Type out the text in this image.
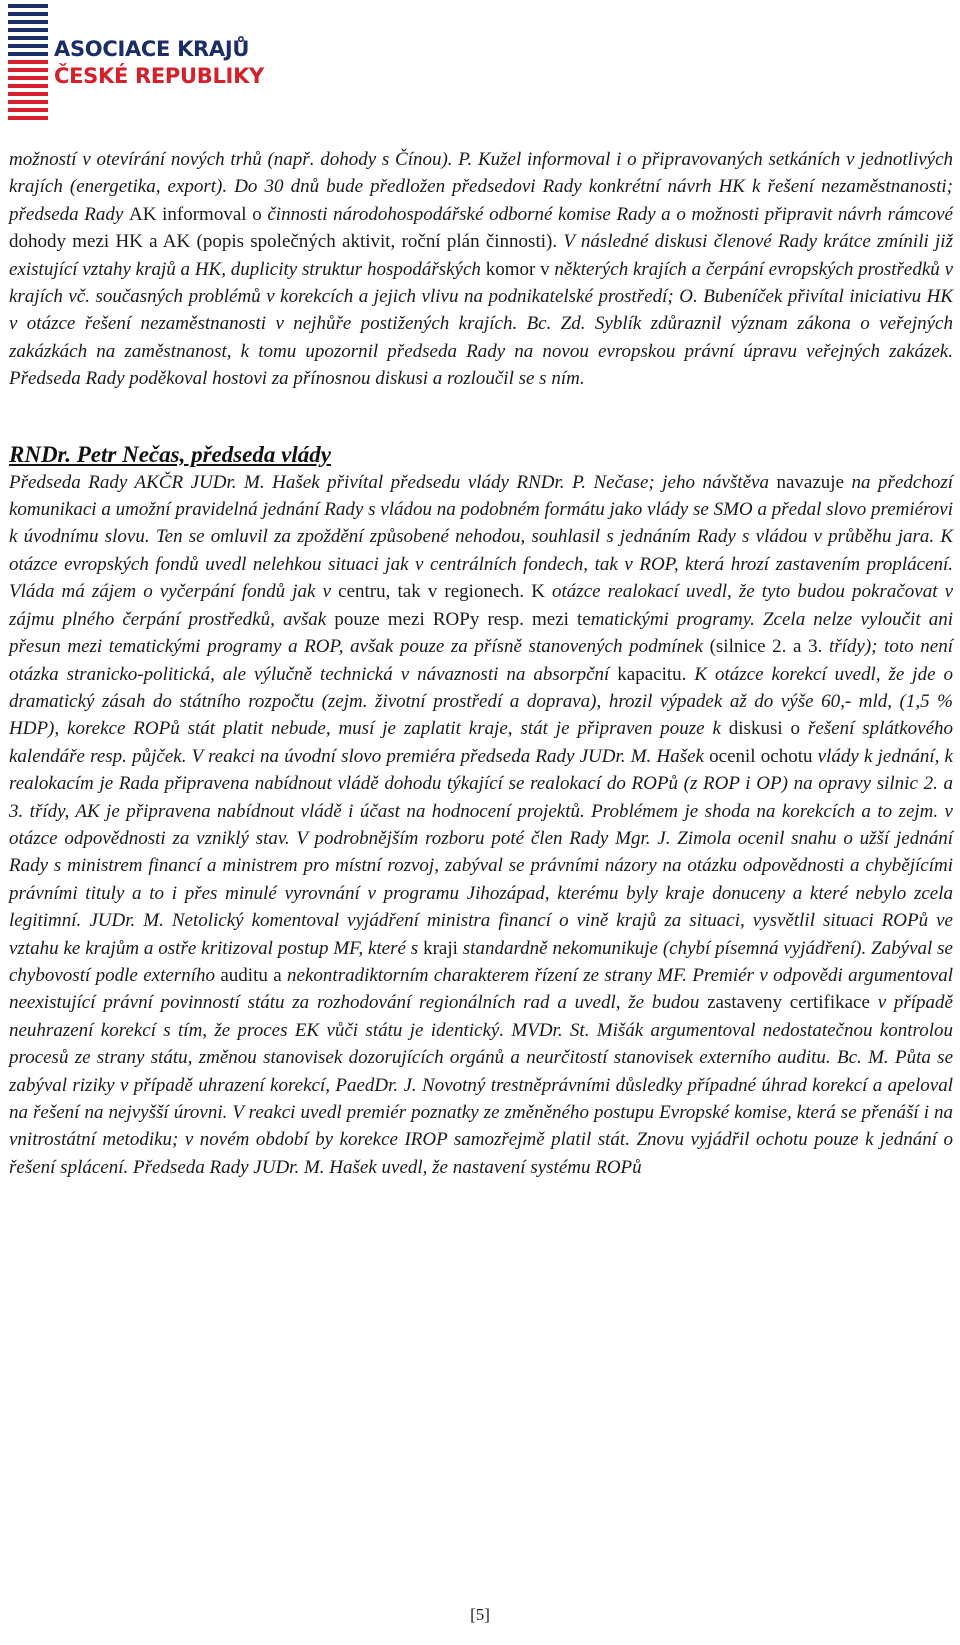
ASOCIACE KRAJŮ
ČESKÉ REPUBLIKY

možností v otevírání nových trhů (např. dohody s Čínou). P. Kužel informoval i o připravovaných setkáních v jednotlivých krajích (energetika, export). Do 30 dnů bude předložen předsedovi Rady konkrétní návrh HK k řešení nezaměstnanosti; předseda Rady AK informoval o činnosti národohospodářské odborné komise Rady a o možnosti připravit návrh rámcové dohody mezi HK a AK (popis společných aktivit, roční plán činnosti). V následné diskusi členové Rady krátce zmínili již existující vztahy krajů a HK, duplicity struktur hospodářských komor v některých krajích a čerpání evropských prostředků v krajích vč. současných problémů v korekcích a jejich vlivu na podnikatelské prostředí; O. Bubeníček přivítal iniciativu HK v otázce řešení nezaměstnanosti v nejhůře postižených krajích. Bc. Zd. Syblík zdůraznil význam zákona o veřejných zakázkách na zaměstnanost, k tomu upozornil předseda Rady na novou evropskou právní úpravu veřejných zakázek. Předseda Rady poděkoval hostovi za přínosnou diskusi a rozloučil se s ním.

RNDr. Petr Nečas, předseda vlády

Předseda Rady AKČR JUDr. M. Hašek přivítal předsedu vlády RNDr. P. Nečase; jeho návštěva navazuje na předchozí komunikaci a umožní pravidelná jednání Rady s vládou na podobném formátu jako vlády se SMO a předal slovo premiérovi k úvodnímu slovu. Ten se omluvil za zpoždění způsobené nehodou, souhlasil s jednáním Rady s vládou v průběhu jara. K otázce evropských fondů uvedl nelehkou situaci jak v centrálních fondech, tak v ROP, která hrozí zastavením proplácení. Vláda má zájem o vyčerpání fondů jak v centru, tak v regionech. K otázce realokací uvedl, že tyto budou pokračovat v zájmu plného čerpání prostředků, avšak pouze mezi ROPy resp. mezi tematickými programy. Zcela nelze vyloučit ani přesun mezi tematickými programy a ROP, avšak pouze za přísně stanovených podmínek (silnice 2. a 3. třídy); toto není otázka stranicko-politická, ale výlučně technická v návaznosti na absorpční kapacitu. K otázce korekcí uvedl, že jde o dramatický zásah do státního rozpočtu (zejm. životní prostředí a doprava), hrozil výpadek až do výše 60,- mld, (1,5 % HDP), korekce ROPů stát platit nebude, musí je zaplatit kraje, stát je připraven pouze k diskusi o řešení splátkového kalendáře resp. půjček. V reakci na úvodní slovo premiéra předseda Rady JUDr. M. Hašek ocenil ochotu vlády k jednání, k realokacím je Rada připravena nabídnout vládě dohodu týkající se realokací do ROPů (z ROP i OP) na opravy silnic 2. a 3. třídy, AK je připravena nabídnout vládě i účast na hodnocení projektů. Problémem je shoda na korekcích a to zejm. v otázce odpovědnosti za vzniklý stav. V podrobnějším rozboru poté člen Rady Mgr. J. Zimola ocenil snahu o užší jednání Rady s ministrem financí a ministrem pro místní rozvoj, zabýval se právními názory na otázku odpovědnosti a chybějícími právními tituly a to i přes minulé vyrovnání v programu Jihozápad, kterému byly kraje donuceny a které nebylo zcela legitimní. JUDr. M. Netolický komentoval vyjádření ministra financí o vině krajů za situaci, vysvětlil situaci ROPů ve vztahu ke krajům a ostře kritizoval postup MF, které s kraji standardně nekomunikuje (chybí písemná vyjádření). Zabýval se chybovostí podle externího auditu a nekontradiktorním charakterem řízení ze strany MF. Premiér v odpovědi argumentoval neexistující právní povinností státu za rozhodování regionálních rad a uvedl, že budou zastaveny certifikace v případě neuhrazení korekcí s tím, že proces EK vůči státu je identický. MVDr. St. Mišák argumentoval nedostatečnou kontrolou procesů ze strany státu, změnou stanovisek dozorujících orgánů a neurčitostí stanovisek externího auditu. Bc. M. Půta se zabýval riziky v případě uhrazení korekcí, PaedDr. J. Novotný trestněprávními důsledky případné úhrad korekcí a apeloval na řešení na nejvyšší úrovni. V reakci uvedl premiér poznatky ze změněného postupu Evropské komise, která se přenáší i na vnitrostátní metodiku; v novém období by korekce IROP samozřejmě platil stát. Znovu vyjádřil ochotu pouze k jednání o řešení splácení. Předseda Rady JUDr. M. Hašek uvedl, že nastavení systému ROPů

[5]
